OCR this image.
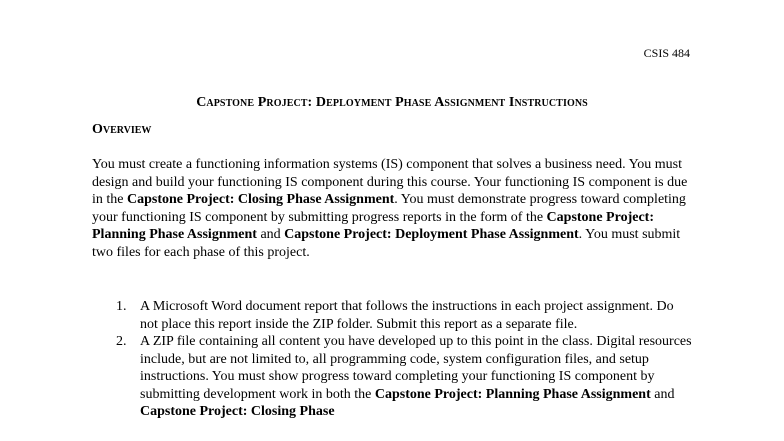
CSIS 484
Capstone Project: Deployment Phase Assignment Instructions
Overview

You must create a functioning information systems (IS) component that solves a business need. You must design and build your functioning IS component during this course. Your functioning IS component is due in the Capstone Project: Closing Phase Assignment. You must demonstrate progress toward completing your functioning IS component by submitting progress reports in the form of the Capstone Project: Planning Phase Assignment and Capstone Project: Deployment Phase Assignment. You must submit two files for each phase of this project.

1. A Microsoft Word document report that follows the instructions in each project assignment. Do not place this report inside the ZIP folder. Submit this report as a separate file.
2. A ZIP file containing all content you have developed up to this point in the class. Digital resources include, but are not limited to, all programming code, system configuration files, and setup instructions. You must show progress toward completing your functioning IS component by submitting development work in both the Capstone Project: Planning Phase Assignment and Capstone Project: Closing Phase
